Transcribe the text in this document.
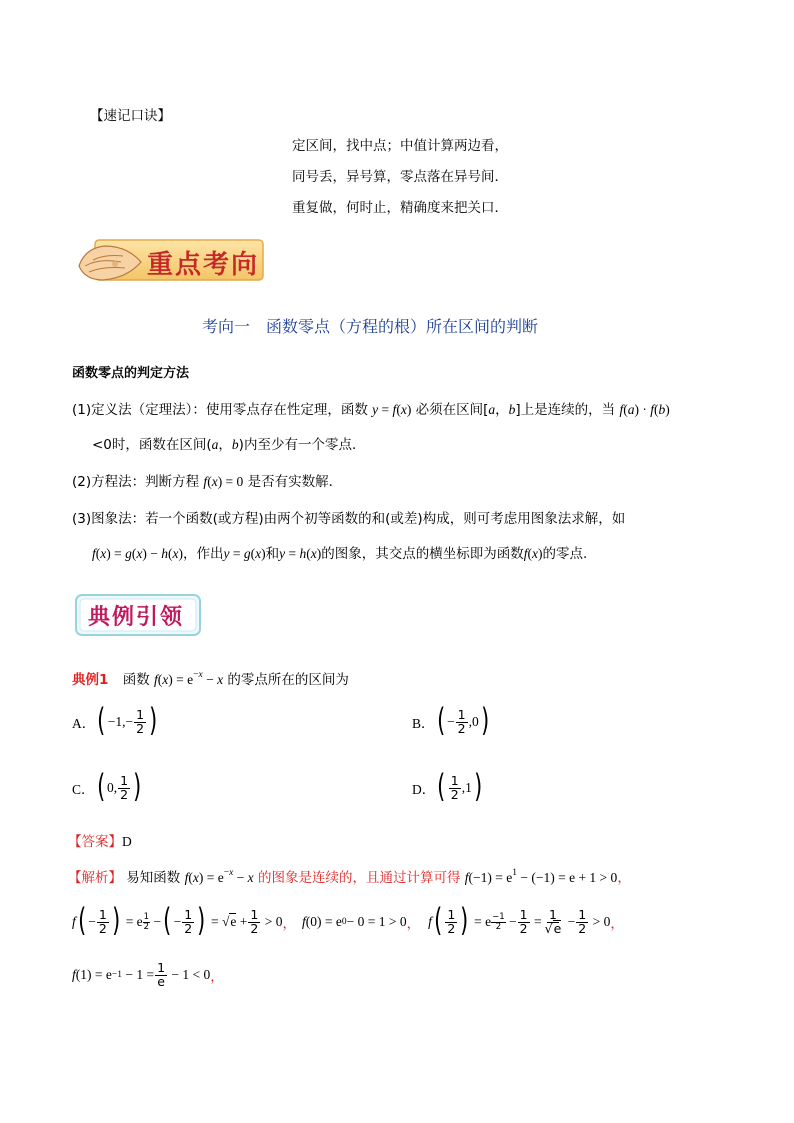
【速记口诀】
定区间，找中点；中值计算两边看，
同号丢，异号算，零点落在异号间．
重复做，何时止，精确度来把关口．
重点考向
考向一　函数零点（方程的根）所在区间的判断
函数零点的判定方法
(1)定义法（定理法）：使用零点存在性定理，函数 y = f(x) 必须在区间[a，b]上是连续的，当 f(a) · f(b)
<0时，函数在区间(a，b)内至少有一个零点．
(2)方程法：判断方程 f(x) = 0 是否有实数解．
(3)图象法：若一个函数(或方程)由两个初等函数的和(或差)构成，则可考虑用图象法求解，如
f(x) = g(x) − h(x)，作出y = g(x)和y = h(x)的图象，其交点的横坐标即为函数f(x)的零点.
典例引领
典例1 函数 $f(x) = e^{-x} - x$ 的零点所在的区间为
A． ( $-1,- \frac{1}{2}$ )	B． ( − $\frac{1}{2} ,0$ )
C． ( 0, $\frac{1}{2}$ )	D． ( $\frac{1}{2} ,1$ )
【答案】D
【解析】 易知函数 $f(x) = e^{-x} - x$ 的图象是连续的，且通过计算可得 $f(-1) = e^1 - (-1) = e + 1 > 0$，
f ( − $\frac{1}{2}$ ) = e 1
2 − ( − $\frac{1}{2}$ ) = $√e + \frac{1}{2} > 0$ ， f (0) = e 0 − 0 = 1 > 0 ， f ( $\frac{1}{2}$ ) = e −1
$2 - \frac{1}{2} = \frac{1}{√e} - \frac{1}{2} > 0$ ，
f $(1) = e -1 - 1 = \frac{1}{e} - 1 < 0$ ，
